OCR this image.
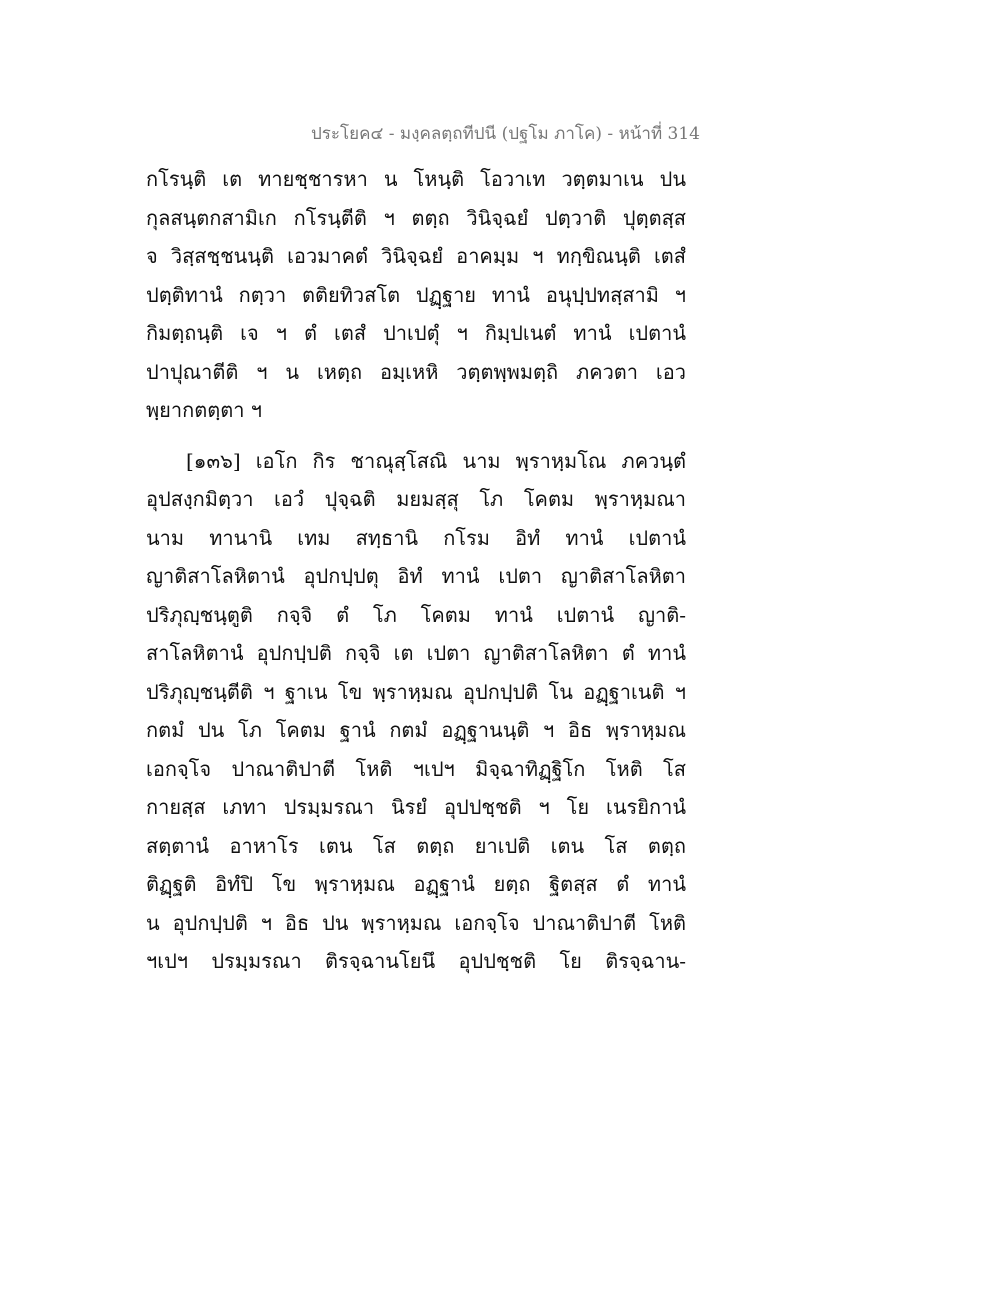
ประโยค๔ - มงฺคลตฺถทีปนี (ปฐโม ภาโค) - หน้าที่ 314
กโรนฺติ เต ทายชฺชารหา น โหนฺติ โอวาเท วตฺตมาเน ปน
กุลสนฺตกสามิเก กโรนฺตีติ ฯ ตตฺถ วินิจฺฉยํ ปตฺวาติ ปุตฺตสฺส
จ วิสฺสชฺชนนฺติ เอวมาคตํ วินิจฺฉยํ อาคมฺม ฯ ทกฺขิณนฺติ เตสํ
ปตฺติทานํ กตฺวา ตติยทิวสโต ปฏฺฐาย ทานํ อนุปฺปทสฺสามิ ฯ
กิมตฺถนฺติ เจ ฯ ตํ เตสํ ปาเปตุํ ฯ กิมฺปเนตํ ทานํ เปตานํ
ปาปุณาตีติ ฯ น เหตฺถ อมฺเหหิ วตฺตพฺพมตฺถิ ภควตา เอว
พฺยากตตฺตา ฯ
[๑๓๖] เอโก กิร ชาณุสฺโสณิ นาม พฺราหฺมโณ ภควนฺตํ
อุปสงฺกมิตฺวา เอวํ ปุจฺฉติ มยมสฺสุ โภ โคตม พฺราหฺมณา
นาม ทานานิ เทม สทฺธานิ กโรม อิทํ ทานํ เปตานํ
ญาติสาโลหิตานํ อุปกปฺปตุ อิทํ ทานํ เปตา ญาติสาโลหิตา
ปริภุญฺชนฺตูติ กจฺจิ ตํ โภ โคตม ทานํ เปตานํ ญาติ-
สาโลหิตานํ อุปกปฺปติ กจฺจิ เต เปตา ญาติสาโลหิตา ตํ ทานํ
ปริภุญฺชนฺตีติ ฯ ฐาเน โข พฺราหฺมณ อุปกปฺปติ โน อฏฺฐาเนติ ฯ
กตมํ ปน โภ โคตม ฐานํ กตมํ อฏฺฐานนฺติ ฯ อิธ พฺราหฺมณ
เอกจฺโจ ปาณาติปาตี โหติ ฯเปฯ มิจฺฉาทิฏฺฐิโก โหติ โส
กายสฺส เภทา ปรมฺมรณา นิรยํ อุปปชฺชติ ฯ โย เนรยิกานํ
สตฺตานํ อาหาโร เตน โส ตตฺถ ยาเปติ เตน โส ตตฺถ
ติฏฺฐติ อิทํปิ โข พฺราหฺมณ อฏฺฐานํ ยตฺถ ฐิตสฺส ตํ ทานํ
น อุปกปฺปติ ฯ อิธ ปน พฺราหฺมณ เอกจฺโจ ปาณาติปาตี โหติ
ฯเปฯ ปรมฺมรณา ติรจฺฉานโยนึ อุปปชฺชติ โย ติรจฺฉาน-
